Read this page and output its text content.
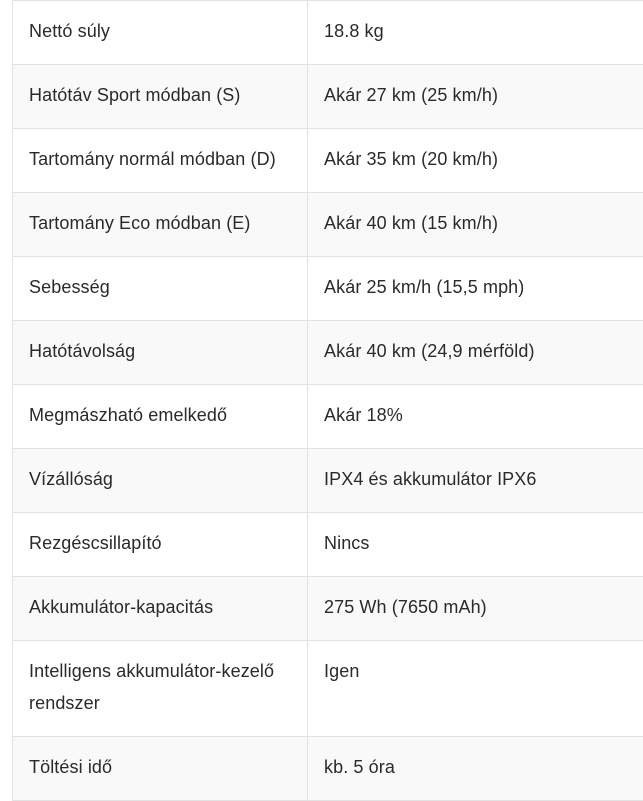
Nettó súly	18.8 kg
Hatótáv Sport módban (S)	Akár 27 km (25 km/h)
Tartomány normál módban (D)	Akár 35 km (20 km/h)
Tartomány Eco módban (E)	Akár 40 km (15 km/h)
Sebesség	Akár 25 km/h (15,5 mph)
Hatótávolság	Akár 40 km (24,9 mérföld)
Megmászható emelkedő	Akár 18%
Vízállóság	IPX4 és akkumulátor IPX6
Rezgéscsillapító	Nincs
Akkumulátor-kapacitás	275 Wh (7650 mAh)
Intelligens akkumulátor-kezelő rendszer	Igen
Töltési idő	kb. 5 óra
